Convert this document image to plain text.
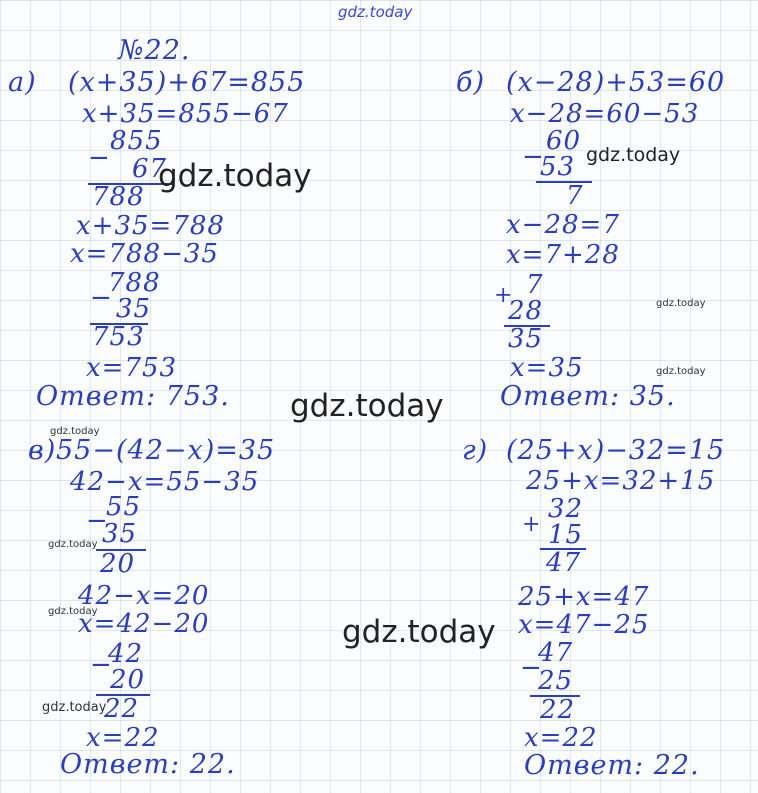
gdz.today
№22.
а) (x+35)+67=855
x+35=855−67
−
855
67
788
x+35=788
x=788−35
−
788
35
753
x=753
Ответ: 753.
б) (x−28)+53=60
x−28=60−53
−
60
53
7
x−28=7
x=7+28
+ 7
28
35
x=35
Ответ: 35.
в) 55−(42−x)=35
42−x=55−35
−
55
35
20
42−x=20
x=42−20
−
42
20
22
x=22
Ответ: 22.
г) (25+x)−32=15
25+x=32+15
+
32
15
47
25+x=47
x=47−25
−
47
25
22
x=22
Ответ: 22.
gdz.today
gdz.today
gdz.today
gdz.today
gdz.today
gdz.today
gdz.today
gdz.today
gdz.today
gdz.today
